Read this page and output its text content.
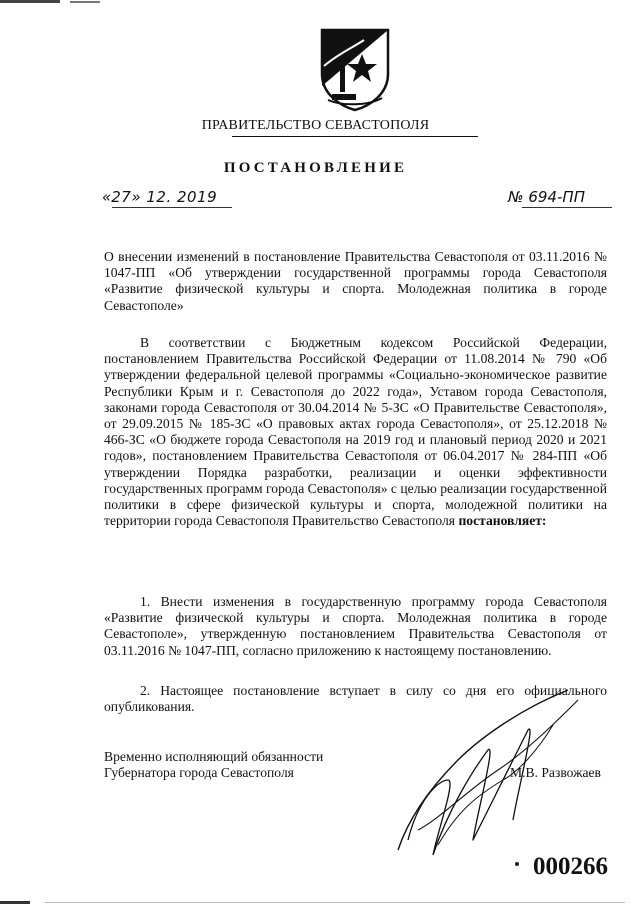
ПРАВИТЕЛЬСТВО СЕВАСТОПОЛЯ
ПОСТАНОВЛЕНИЕ
«27» 12. 2019	№ 694-ПП
О внесении изменений в постановление Правительства Севастополя от 03.11.2016 № 1047-ПП «Об утверждении государственной программы города Севастополя «Развитие физической культуры и спорта. Молодежная политика в городе Севастополе»
В соответствии с Бюджетным кодексом Российской Федерации, постановлением Правительства Российской Федерации от 11.08.2014 № 790 «Об утверждении федеральной целевой программы «Социально-экономическое развитие Республики Крым и г. Севастополя до 2022 года», Уставом города Севастополя, законами города Севастополя от 30.04.2014 № 5-ЗС «О Правительстве Севастополя», от 29.09.2015 № 185-ЗС «О правовых актах города Севастополя», от 25.12.2018 № 466-ЗС «О бюджете города Севастополя на 2019 год и плановый период 2020 и 2021 годов», постановлением Правительства Севастополя от 06.04.2017 № 284-ПП «Об утверждении Порядка разработки, реализации и оценки эффективности государственных программ города Севастополя» с целью реализации государственной политики в сфере физической культуры и спорта, молодежной политики на территории города Севастополя Правительство Севастополя постановляет:
1. Внести изменения в государственную программу города Севастополя «Развитие физической культуры и спорта. Молодежная политика в городе Севастополе», утвержденную постановлением Правительства Севастополя от 03.11.2016 № 1047-ПП, согласно приложению к настоящему постановлению.
2. Настоящее постановление вступает в силу со дня его официального опубликования.
Временно исполняющий обязанности
Губернатора города Севастополя	М.В. Развожаев
000266
